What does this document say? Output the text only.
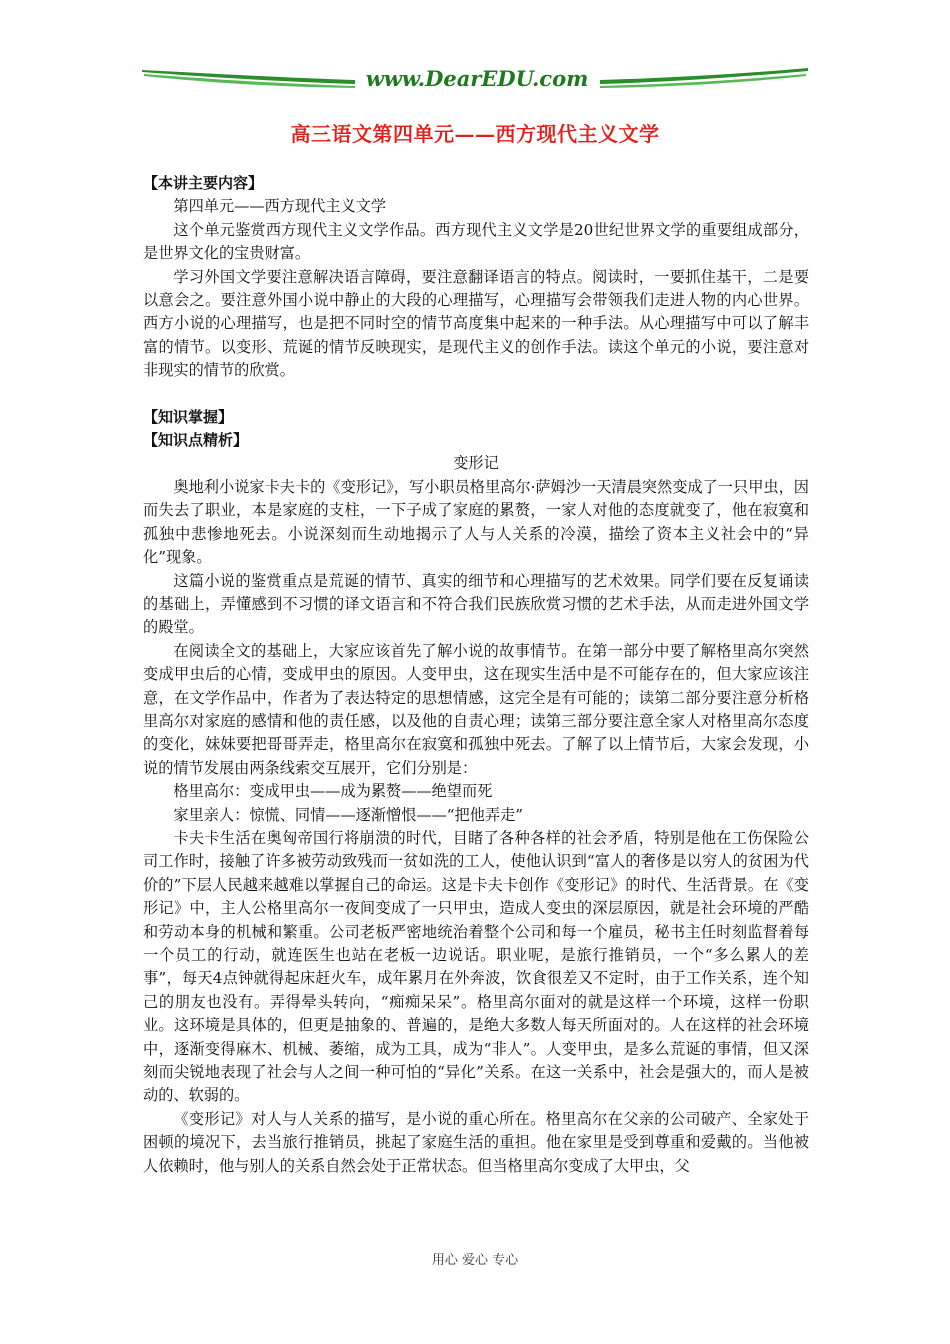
www.DearEDU.com
高三语文第四单元——西方现代主义文学
【本讲主要内容】

第四单元——西方现代主义文学

这个单元鉴赏西方现代主义文学作品。西方现代主义文学是20世纪世界文学的重要组成部分，是世界文化的宝贵财富。

学习外国文学要注意解决语言障碍，要注意翻译语言的特点。阅读时，一要抓住基干，二是要以意会之。要注意外国小说中静止的大段的心理描写，心理描写会带领我们走进人物的内心世界。西方小说的心理描写，也是把不同时空的情节高度集中起来的一种手法。从心理描写中可以了解丰富的情节。以变形、荒诞的情节反映现实，是现代主义的创作手法。读这个单元的小说，要注意对非现实的情节的欣赏。

【知识掌握】
【知识点精析】
变形记

奥地利小说家卡夫卡的《变形记》，写小职员格里高尔·萨姆沙一天清晨突然变成了一只甲虫，因而失去了职业，本是家庭的支柱，一下子成了家庭的累赘，一家人对他的态度就变了，他在寂寞和孤独中悲惨地死去。小说深刻而生动地揭示了人与人关系的冷漠，描绘了资本主义社会中的“异化”现象。

这篇小说的鉴赏重点是荒诞的情节、真实的细节和心理描写的艺术效果。同学们要在反复诵读的基础上，弄懂感到不习惯的译文语言和不符合我们民族欣赏习惯的艺术手法，从而走进外国文学的殿堂。

在阅读全文的基础上，大家应该首先了解小说的故事情节。在第一部分中要了解格里高尔突然变成甲虫后的心情，变成甲虫的原因。人变甲虫，这在现实生活中是不可能存在的，但大家应该注意，在文学作品中，作者为了表达特定的思想情感，这完全是有可能的；读第二部分要注意分析格里高尔对家庭的感情和他的责任感，以及他的自责心理；读第三部分要注意全家人对格里高尔态度的变化，妹妹要把哥哥弄走，格里高尔在寂寞和孤独中死去。了解了以上情节后，大家会发现，小说的情节发展由两条线索交互展开，它们分别是：

格里高尔：变成甲虫——成为累赘——绝望而死

家里亲人：惊慌、同情——逐渐憎恨——“把他弄走”

卡夫卡生活在奥匈帝国行将崩溃的时代，目睹了各种各样的社会矛盾，特别是他在工伤保险公司工作时，接触了许多被劳动致残而一贫如洗的工人，使他认识到“富人的奢侈是以穷人的贫困为代价的”下层人民越来越难以掌握自己的命运。这是卡夫卡创作《变形记》的时代、生活背景。在《变形记》中，主人公格里高尔一夜间变成了一只甲虫，造成人变虫的深层原因，就是社会环境的严酷和劳动本身的机械和繁重。公司老板严密地统治着整个公司和每一个雇员，秘书主任时刻监督着每一个员工的行动，就连医生也站在老板一边说话。职业呢，是旅行推销员，一个“多么累人的差事”，每天4点钟就得起床赶火车，成年累月在外奔波，饮食很差又不定时，由于工作关系，连个知己的朋友也没有。弄得晕头转向，“痴痴呆呆”。格里高尔面对的就是这样一个环境，这样一份职业。这环境是具体的，但更是抽象的、普遍的，是绝大多数人每天所面对的。人在这样的社会环境中，逐渐变得麻木、机械、萎缩，成为工具，成为“非人”。人变甲虫，是多么荒诞的事情，但又深刻而尖锐地表现了社会与人之间一种可怕的“异化”关系。在这一关系中，社会是强大的，而人是被动的、软弱的。

《变形记》对人与人关系的描写，是小说的重心所在。格里高尔在父亲的公司破产、全家处于困顿的境况下，去当旅行推销员，挑起了家庭生活的重担。他在家里是受到尊重和爱戴的。当他被人依赖时，他与别人的关系自然会处于正常状态。但当格里高尔变成了大甲虫，父

用心 爱心 专心
